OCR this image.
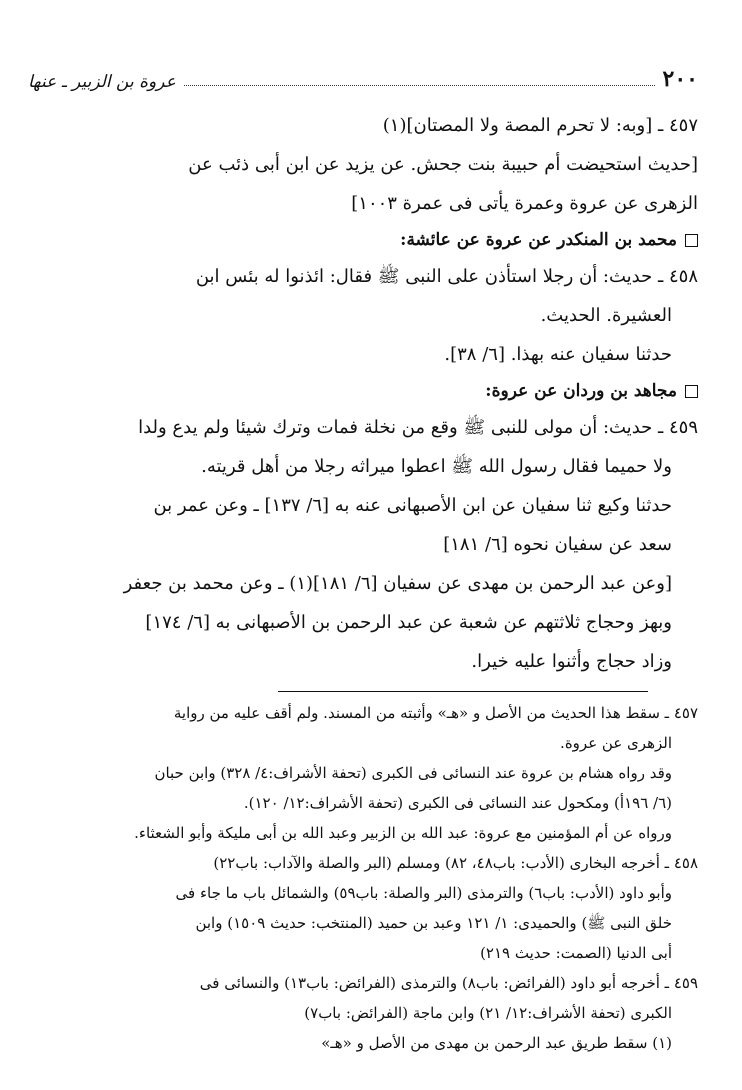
٢٠٠
عروة بن الزبير ـ عنها
٤٥٧ ـ [وبه: لا تحرم المصة ولا المصتان](١)
[حديث استحيضت أم حبيبة بنت جحش. عن يزيد عن ابن أبى ذئب عن
الزهرى عن عروة وعمرة يأتى فى عمرة ١٠٠٣]
محمد بن المنكدر عن عروة عن عائشة:
٤٥٨ ـ حديث: أن رجلا استأذن على النبى ﷺ فقال: ائذنوا له بئس ابن
العشيرة. الحديث.
حدثنا سفيان عنه بهذا. [٦/ ٣٨].
مجاهد بن وردان عن عروة:
٤٥٩ ـ حديث: أن مولى للنبى ﷺ وقع من نخلة فمات وترك شيئا ولم يدع ولدا
ولا حميما فقال رسول الله ﷺ اعطوا ميراثه رجلا من أهل قريته.
حدثنا وكيع ثنا سفيان عن ابن الأصبهانى عنه به [٦/ ١٣٧] ـ وعن عمر بن
سعد عن سفيان نحوه [٦/ ١٨١]
[وعن عبد الرحمن بن مهدى عن سفيان [٦/ ١٨١](١) ـ وعن محمد بن جعفر
وبهز وحجاج ثلاثتهم عن شعبة عن عبد الرحمن بن الأصبهانى به [٦/ ١٧٤]
وزاد حجاج وأثنوا عليه خيرا.
٤٥٧ ـ سقط هذا الحديث من الأصل و «هـ» وأثبته من المسند. ولم أقف عليه من رواية
الزهرى عن عروة.
وقد رواه هشام بن عروة عند النسائى فى الكبرى (تحفة الأشراف:٤/ ٣٢٨) وابن حبان
(٦/ ١٩٦أ) ومكحول عند النسائى فى الكبرى (تحفة الأشراف:١٢/ ١٢٠).
ورواه عن أم المؤمنين مع عروة: عبد الله بن الزبير وعبد الله بن أبى مليكة وأبو الشعثاء.
٤٥٨ ـ أخرجه البخارى (الأدب: باب٤٨، ٨٢) ومسلم (البر والصلة والآداب: باب٢٢)
وأبو داود (الأدب: باب٦) والترمذى (البر والصلة: باب٥٩) والشمائل باب ما جاء فى
خلق النبى ﷺ) والحميدى: ١/ ١٢١ وعبد بن حميد (المنتخب: حديث ١٥٠٩) وابن
أبى الدنيا (الصمت: حديث ٢١٩)
٤٥٩ ـ أخرجه أبو داود (الفرائض: باب٨) والترمذى (الفرائض: باب١٣) والنسائى فى
الكبرى (تحفة الأشراف:١٢/ ٢١) وابن ماجة (الفرائض: باب٧)
(١) سقط طريق عبد الرحمن بن مهدى من الأصل و «هـ»
